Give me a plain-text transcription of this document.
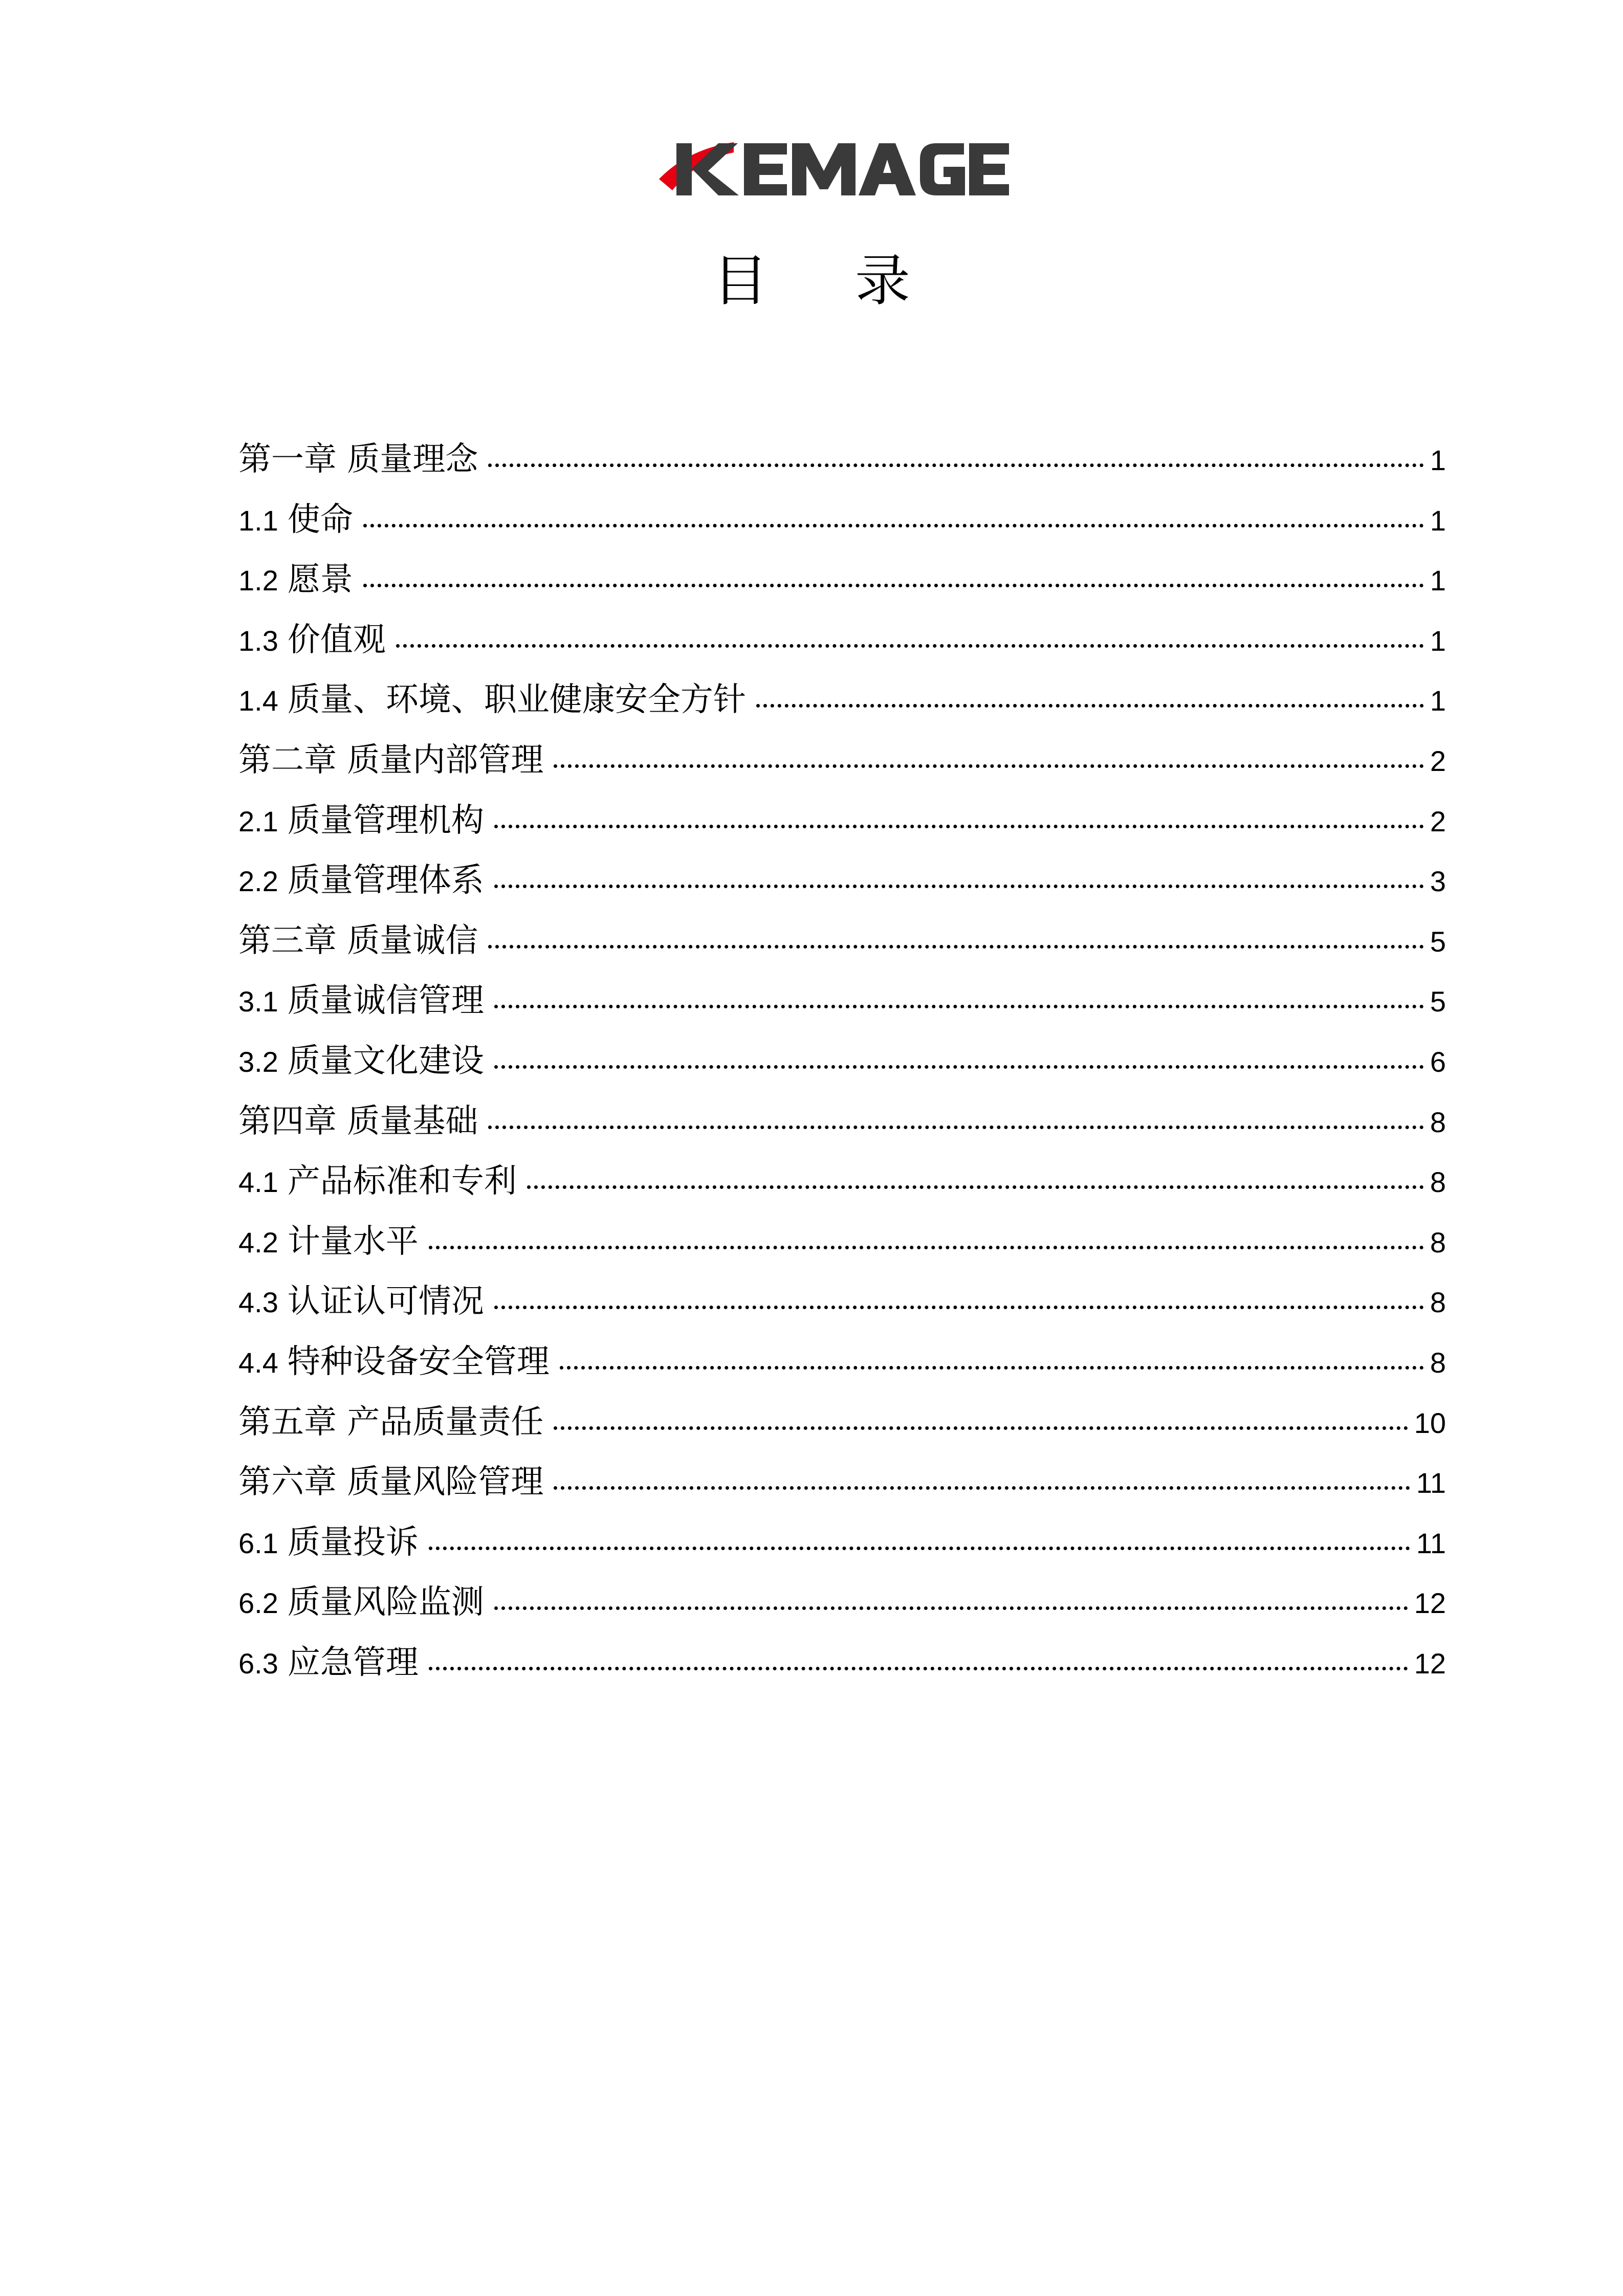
目录
第一章 质量理念	1
1.1 使命	1
1.2 愿景	1
1.3 价值观	1
1.4 质量、环境、职业健康安全方针	1
第二章 质量内部管理	2
2.1 质量管理机构	2
2.2 质量管理体系	3
第三章 质量诚信	5
3.1 质量诚信管理	5
3.2 质量文化建设	6
第四章 质量基础	8
4.1 产品标准和专利	8
4.2 计量水平	8
4.3 认证认可情况	8
4.4 特种设备安全管理	8
第五章 产品质量责任	10
第六章 质量风险管理	11
6.1 质量投诉	11
6.2 质量风险监测	12
6.3 应急管理	12
